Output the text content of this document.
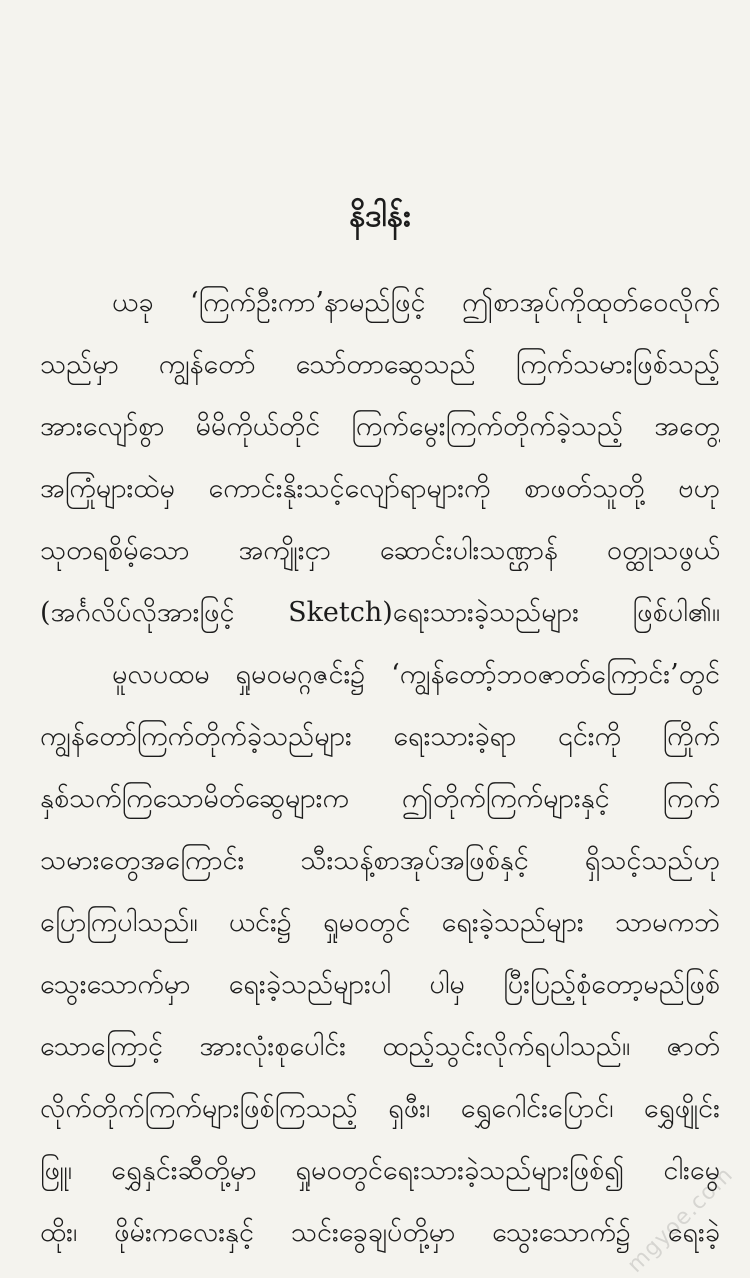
နိဒါန်း
ယခု ‘ကြက်ဦးကာ’နာမည်ဖြင့် ဤစာအုပ်ကိုထုတ်ဝေလိုက်
သည်မှာ ကျွန်တော် သော်တာဆွေသည် ကြက်သမားဖြစ်သည့်
အားလျော်စွာ မိမိကိုယ်တိုင် ကြက်မွေးကြက်တိုက်ခဲ့သည့် အတွေ့
အကြုံများထဲမှ ကောင်းနိုးသင့်လျော်ရာများကို စာဖတ်သူတို့ ဗဟု
သုတရစိမ့်သော အကျိုးငှာ ဆောင်းပါးသဏ္ဌာန် ဝတ္ထုသဖွယ်
(အင်္ဂလိပ်လိုအားဖြင့် Sketch)ရေးသားခဲ့သည်များ ဖြစ်ပါ၏။
မူလပထမ ရှုမဝမဂ္ဂဇင်း၌ ‘ကျွန်တော့်ဘဝဇာတ်ကြောင်း’တွင်
ကျွန်တော်ကြက်တိုက်ခဲ့သည်များ ရေးသားခဲ့ရာ ၎င်းကို ကြိုက်
နှစ်သက်ကြသောမိတ်ဆွေများက ဤတိုက်ကြက်များနှင့် ကြက်
သမားတွေအကြောင်း သီးသန့်စာအုပ်အဖြစ်နှင့် ရှိသင့်သည်ဟု
ပြောကြပါသည်။ ယင်း၌ ရှုမဝတွင် ရေးခဲ့သည်များ သာမကဘဲ
သွေးသောက်မှာ ရေးခဲ့သည်များပါ ပါမှ ပြီးပြည့်စုံတော့မည်ဖြစ်
သောကြောင့် အားလုံးစုပေါင်း ထည့်သွင်းလိုက်ရပါသည်။ ဇာတ်
လိုက်တိုက်ကြက်များဖြစ်ကြသည့် ရှဖီး၊ ရွှေဂေါင်းပြောင်၊ ရွှေဖျိုင်း
ဖြူ၊ ရွှေနှင်းဆီတို့မှာ ရှုမဝတွင်ရေးသားခဲ့သည်များဖြစ်၍ ငါးမွေ
ထိုး၊ ဖိုမ်းကလေးနှင့် သင်းခွေချပ်တို့မှာ သွေးသောက်၌ ရေးခဲ့
mgyoe.com
